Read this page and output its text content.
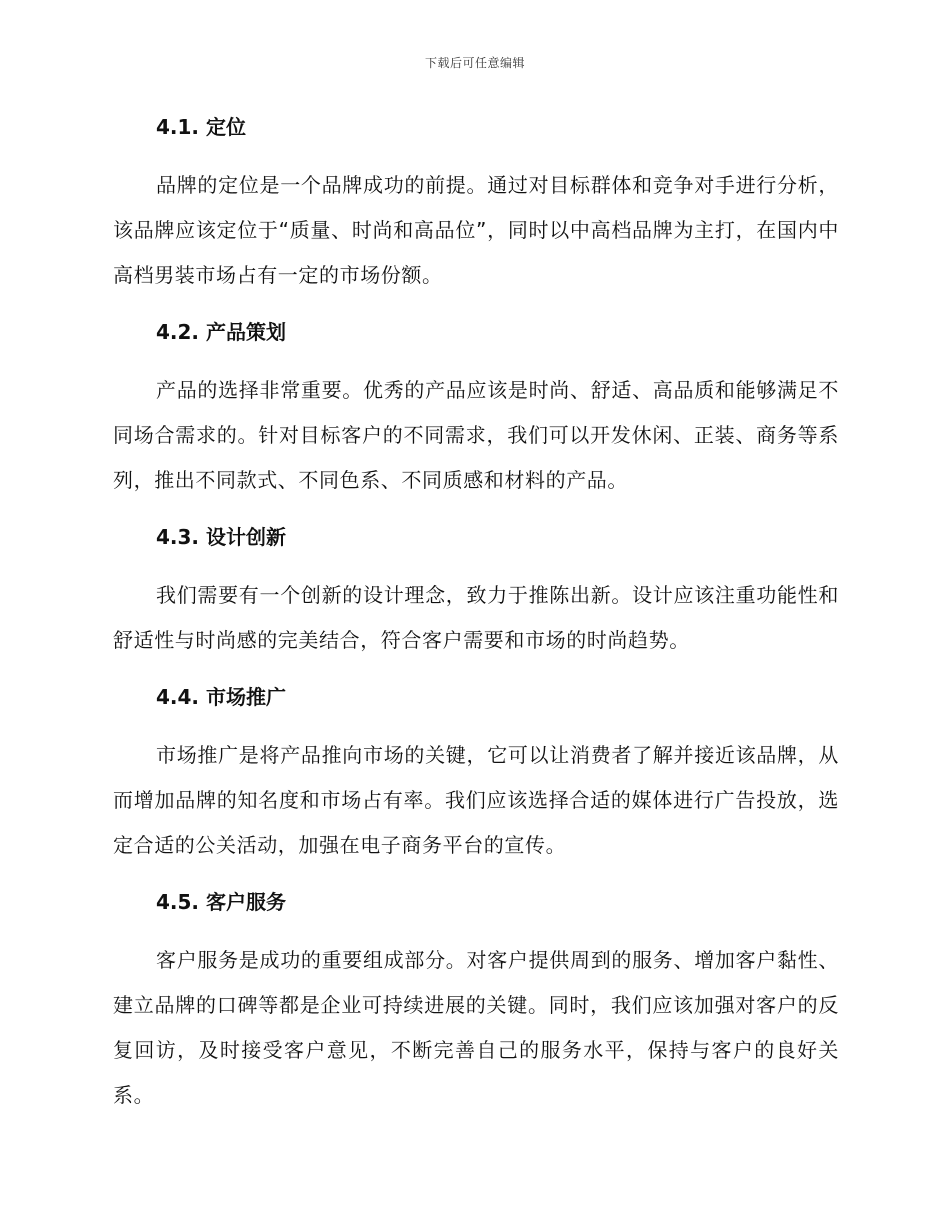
下载后可任意编辑
4.1. 定位

品牌的定位是一个品牌成功的前提。通过对目标群体和竞争对手进行分析，该品牌应该定位于“质量、时尚和高品位”，同时以中高档品牌为主打，在国内中高档男装市场占有一定的市场份额。

4.2. 产品策划

产品的选择非常重要。优秀的产品应该是时尚、舒适、高品质和能够满足不同场合需求的。针对目标客户的不同需求，我们可以开发休闲、正装、商务等系列，推出不同款式、不同色系、不同质感和材料的产品。

4.3. 设计创新

我们需要有一个创新的设计理念，致力于推陈出新。设计应该注重功能性和舒适性与时尚感的完美结合，符合客户需要和市场的时尚趋势。

4.4. 市场推广

市场推广是将产品推向市场的关键，它可以让消费者了解并接近该品牌，从而增加品牌的知名度和市场占有率。我们应该选择合适的媒体进行广告投放，选定合适的公关活动，加强在电子商务平台的宣传。

4.5. 客户服务

客户服务是成功的重要组成部分。对客户提供周到的服务、增加客户黏性、建立品牌的口碑等都是企业可持续进展的关键。同时，我们应该加强对客户的反复回访，及时接受客户意见，不断完善自己的服务水平，保持与客户的良好关系。
